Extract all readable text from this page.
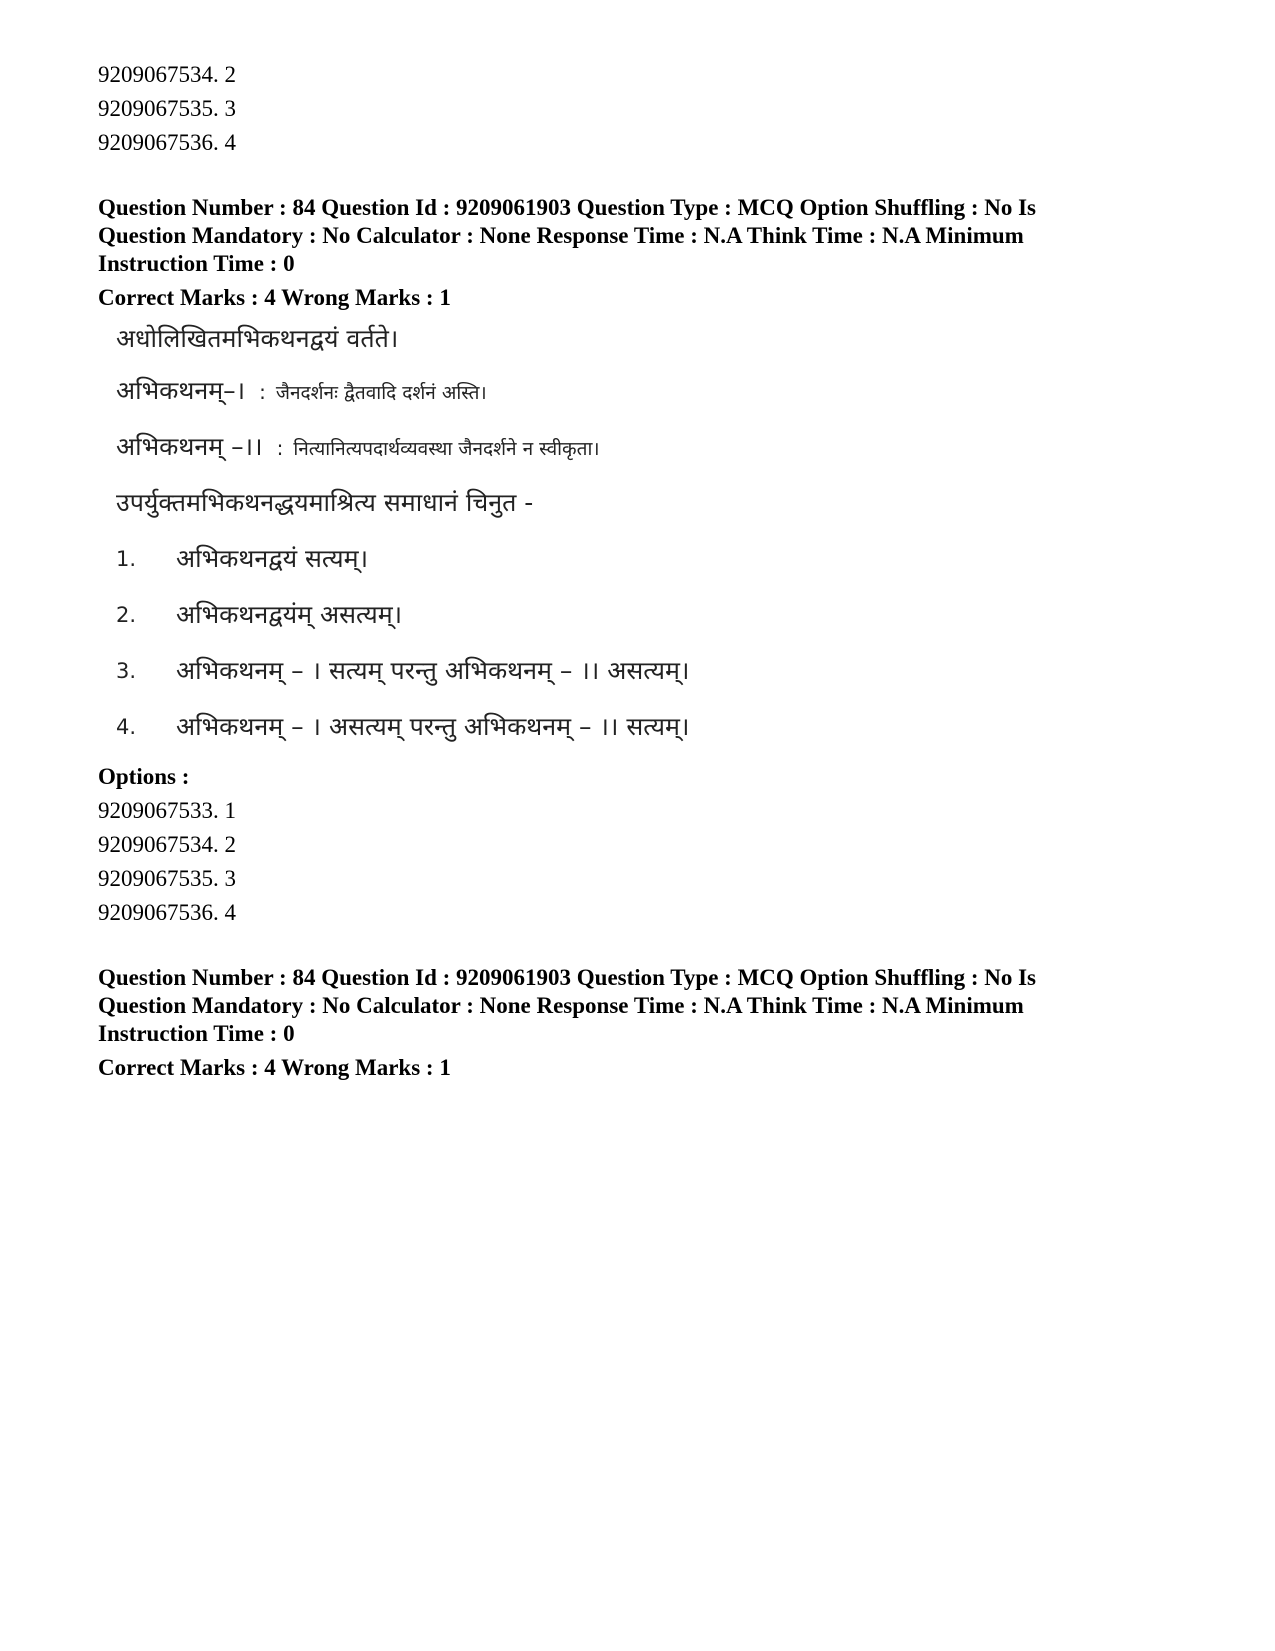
9209067534. 2
9209067535. 3
9209067536. 4
Question Number : 84 Question Id : 9209061903 Question Type : MCQ Option Shuffling : No Is
Question Mandatory : No Calculator : None Response Time : N.A Think Time : N.A Minimum
Instruction Time : 0
Correct Marks : 4 Wrong Marks : 1

अधोलिखितमभिकथनद्वयं वर्तते।

अभिकथनम्–। : जैनदर्शनः द्वैतवादि दर्शनं अस्ति।
अभिकथनम् –।। : नित्यानित्यपदार्थव्यवस्था जैनदर्शने न स्वीकृता।

उपर्युक्तमभिकथनद्धयमाश्रित्य समाधानं चिनुत -

1.	अभिकथनद्वयं सत्यम्।
2.	अभिकथनद्वयंम् असत्यम्।
3.	अभिकथनम् – । सत्यम् परन्तु अभिकथनम् – ।। असत्यम्।
4.	अभिकथनम् – । असत्यम् परन्तु अभिकथनम् – ।। सत्यम्।
Options :
9209067533. 1
9209067534. 2
9209067535. 3
9209067536. 4
Question Number : 84 Question Id : 9209061903 Question Type : MCQ Option Shuffling : No Is
Question Mandatory : No Calculator : None Response Time : N.A Think Time : N.A Minimum
Instruction Time : 0
Correct Marks : 4 Wrong Marks : 1
